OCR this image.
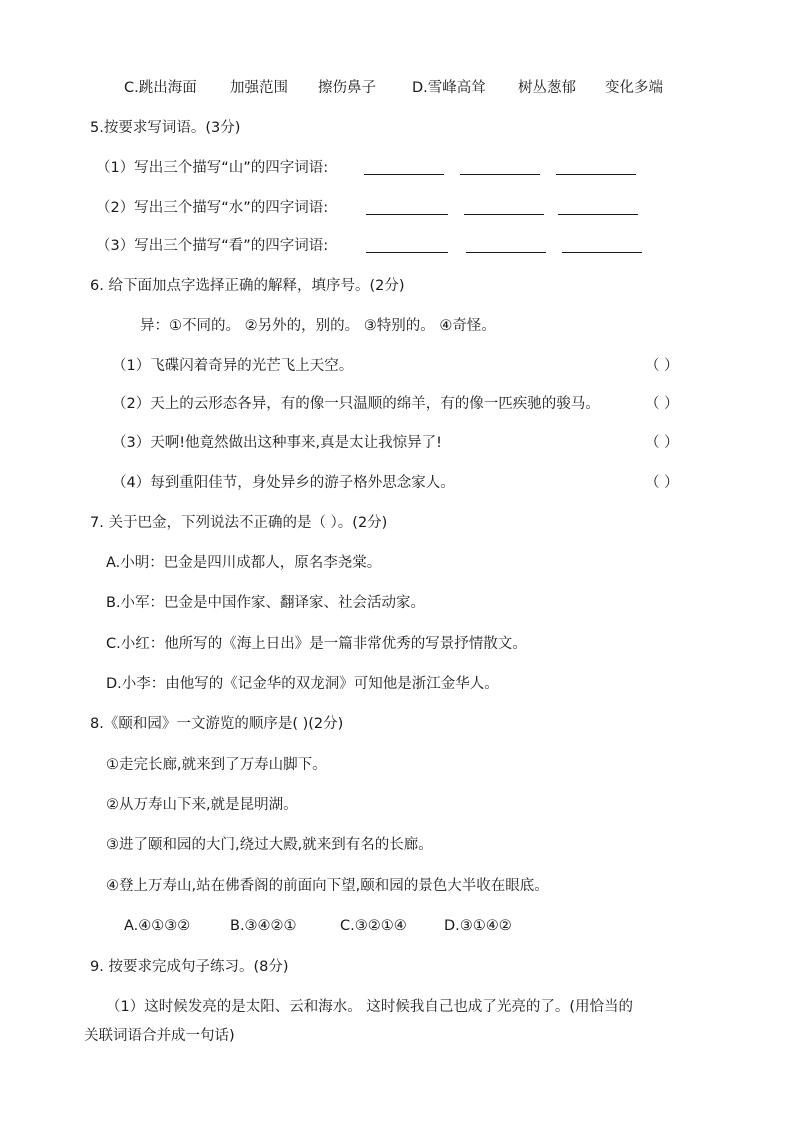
C.跳出海面 加强范围 擦伤鼻子 D.雪峰高耸 树丛葱郁 变化多端
5.按要求写词语。(3分)
（1）写出三个描写“山”的四字词语:
（2）写出三个描写“水”的四字词语:
（3）写出三个描写“看”的四字词语:
6. 给下面加点字选择正确的解释，填序号。(2分)
异：①不同的。 ②另外的，别的。 ③特别的。 ④奇怪。
（1）飞碟闪着奇异的光芒飞上天空。	（ ）
（2）天上的云形态各异，有的像一只温顺的绵羊，有的像一匹疾驰的骏马。	（ ）
（3）天啊!他竟然做出这种事来,真是太让我惊异了!	（ ）
（4）每到重阳佳节，身处异乡的游子格外思念家人。	（ ）
7. 关于巴金，下列说法不正确的是（ ）。(2分)
A.小明：巴金是四川成都人，原名李尧棠。
B.小军：巴金是中国作家、翻译家、社会活动家。
C.小红：他所写的《海上日出》是一篇非常优秀的写景抒情散文。
D.小李：由他写的《记金华的双龙洞》可知他是浙江金华人。
8.《颐和园》一文游览的顺序是( )(2分)
①走完长廊,就来到了万寿山脚下。
②从万寿山下来,就是昆明湖。
③进了颐和园的大门,绕过大殿,就来到有名的长廊。
④登上万寿山,站在佛香阁的前面向下望,颐和园的景色大半收在眼底。
A.④①③②	B.③④②①	C.③②①④	D.③①④②
9. 按要求完成句子练习。(8分)
（1）这时候发亮的是太阳、云和海水。 这时候我自己也成了光亮的了。(用恰当的
关联词语合并成一句话)
